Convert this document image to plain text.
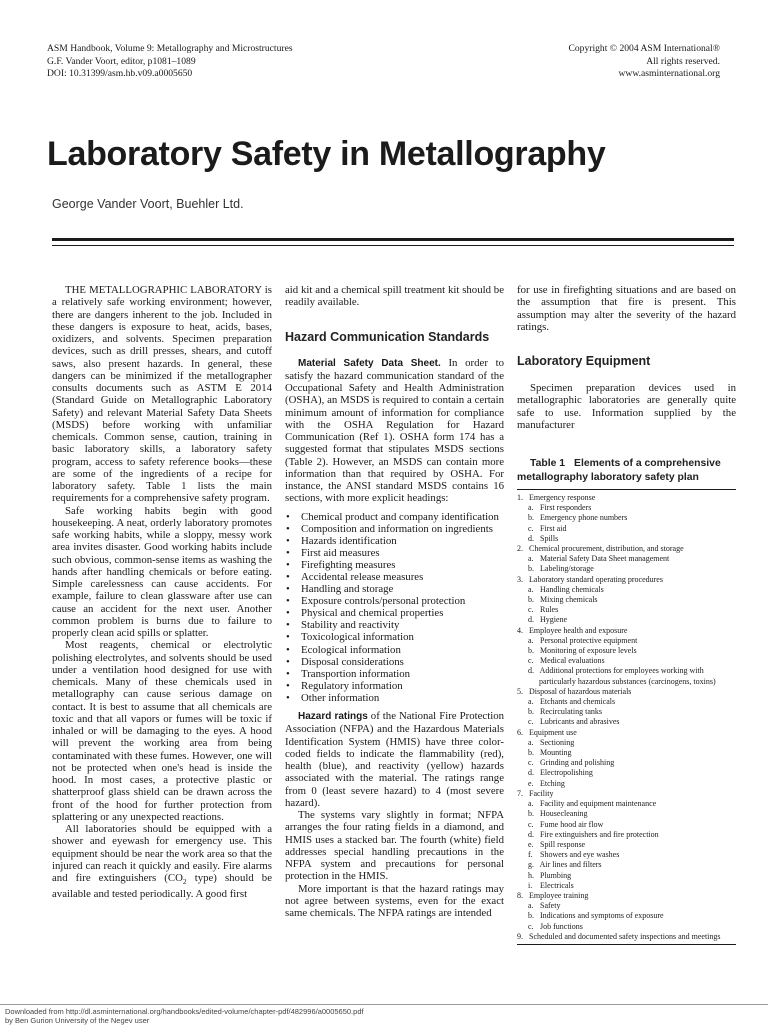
ASM Handbook, Volume 9: Metallography and Microstructures
G.F. Vander Voort, editor, p1081–1089
DOI: 10.31399/asm.hb.v09.a0005650
Copyright © 2004 ASM International®
All rights reserved.
www.asminternational.org
Laboratory Safety in Metallography
George Vander Voort, Buehler Ltd.

THE METALLOGRAPHIC LABORATORY is a relatively safe working environment; however, there are dangers inherent to the job. Included in these dangers is exposure to heat, acids, bases, oxidizers, and solvents. Specimen preparation devices, such as drill presses, shears, and cutoff saws, also present hazards. In general, these dangers can be minimized if the metallographer consults documents such as ASTM E 2014 (Standard Guide on Metallographic Laboratory Safety) and relevant Material Safety Data Sheets (MSDS) before working with unfamiliar chemicals. Common sense, caution, training in basic laboratory skills, a laboratory safety program, access to safety reference books—these are some of the ingredients of a recipe for laboratory safety. Table 1 lists the main requirements for a comprehensive safety program.

Safe working habits begin with good housekeeping. A neat, orderly laboratory promotes safe working habits, while a sloppy, messy work area invites disaster. Good working habits include such obvious, common-sense items as washing the hands after handling chemicals or before eating. Simple carelessness can cause accidents. For example, failure to clean glassware after use can cause an accident for the next user. Another common problem is burns due to failure to properly clean acid spills or splatter.

Most reagents, chemical or electrolytic polishing electrolytes, and solvents should be used under a ventilation hood designed for use with chemicals. Many of these chemicals used in metallography can cause serious damage on contact. It is best to assume that all chemicals are toxic and that all vapors or fumes will be toxic if inhaled or will be damaging to the eyes. A hood will prevent the working area from being contaminated with these fumes. However, one will not be protected when one's head is inside the hood. In most cases, a protective plastic or shatterproof glass shield can be drawn across the front of the hood for further protection from splattering or any unexpected reactions.

All laboratories should be equipped with a shower and eyewash for emergency use. This equipment should be near the work area so that the injured can reach it quickly and easily. Fire alarms and fire extinguishers ($CO_2$ type) should be available and tested periodically. A good first

aid kit and a chemical spill treatment kit should be readily available.

Hazard Communication Standards

Material Safety Data Sheet. In order to satisfy the hazard communication standard of the Occupational Safety and Health Administration (OSHA), an MSDS is required to contain a certain minimum amount of information for compliance with the OSHA Regulation for Hazard Communication (Ref 1). OSHA form 174 has a suggested format that stipulates MSDS sections (Table 2). However, an MSDS can contain more information than that required by OSHA. For instance, the ANSI standard MSDS contains 16 sections, with more explicit headings:

• Chemical product and company identification
• Composition and information on ingredients
• Hazards identification
• First aid measures
• Firefighting measures
• Accidental release measures
• Handling and storage
• Exposure controls/personal protection
• Physical and chemical properties
• Stability and reactivity
• Toxicological information
• Ecological information
• Disposal considerations
• Transportion information
• Regulatory information
• Other information

Hazard ratings of the National Fire Protection Association (NFPA) and the Hazardous Materials Identification System (HMIS) have three color-coded fields to indicate the flammability (red), health (blue), and reactivity (yellow) hazards associated with the material. The ratings range from 0 (least severe hazard) to 4 (most severe hazard).

The systems vary slightly in format; NFPA arranges the four rating fields in a diamond, and HMIS uses a stacked bar. The fourth (white) field addresses special handling precautions in the NFPA system and precautions for personal protection in the HMIS.

More important is that the hazard ratings may not agree between systems, even for the exact same chemicals. The NFPA ratings are intended

for use in firefighting situations and are based on the assumption that fire is present. This assumption may alter the severity of the hazard ratings.

Laboratory Equipment

Specimen preparation devices used in metallographic laboratories are generally quite safe to use. Information supplied by the manufacturer

Table 1 Elements of a comprehensive metallography laboratory safety plan

1. Emergency response
a. First responders
b. Emergency phone numbers
c. First aid
d. Spills
2. Chemical procurement, distribution, and storage
a. Material Safety Data Sheet management
b. Labeling/storage
3. Laboratory standard operating procedures
a. Handling chemicals
b. Mixing chemicals
c. Rules
d. Hygiene
4. Employee health and exposure
a. Personal protective equipment
b. Monitoring of exposure levels
c. Medical evaluations
d. Additional protections for employees working with particularly hazardous substances (carcinogens, toxins)
5. Disposal of hazardous materials
a. Etchants and chemicals
b. Recirculating tanks
c. Lubricants and abrasives
6. Equipment use
a. Sectioning
b. Mounting
c. Grinding and polishing
d. Electropolishing
e. Etching
7. Facility
a. Facility and equipment maintenance
b. Housecleaning
c. Fume hood air flow
d. Fire extinguishers and fire protection
e. Spill response
f. Showers and eye washes
g. Air lines and filters
h. Plumbing
i. Electricals
8. Employee training
a. Safety
b. Indications and symptoms of exposure
c. Job functions
9. Scheduled and documented safety inspections and meetings
Downloaded from http://dl.asminternational.org/handbooks/edited-volume/chapter-pdf/482996/a0005650.pdf
by Ben Gurion University of the Negev user
